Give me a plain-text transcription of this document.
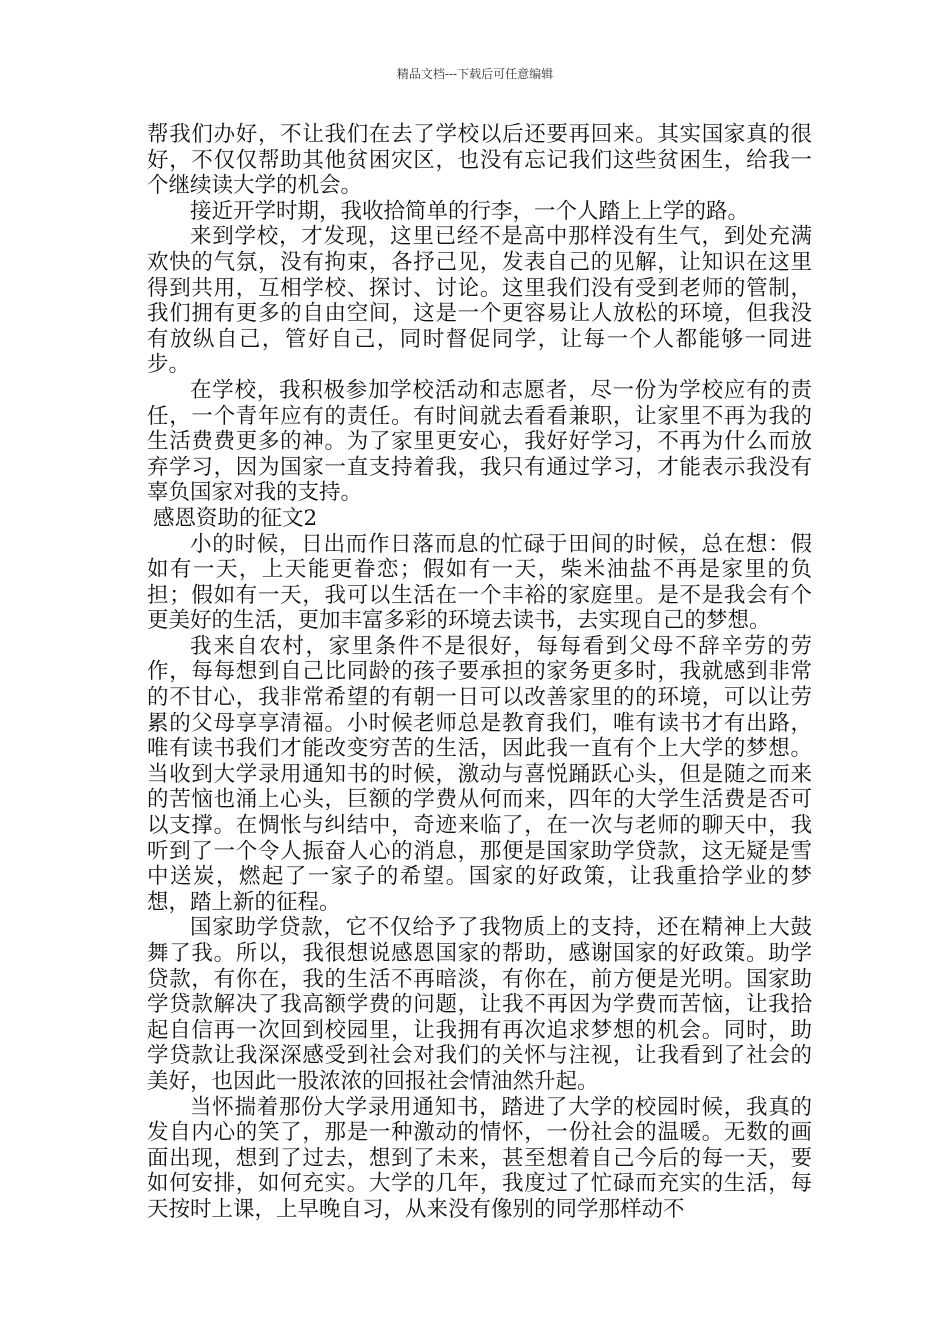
精品文档---下载后可任意编辑

帮我们办好，不让我们在去了学校以后还要再回来。其实国家真的很好，不仅仅帮助其他贫困灾区，也没有忘记我们这些贫困生，给我一个继续读大学的机会。

接近开学时期，我收拾简单的行李，一个人踏上上学的路。

来到学校，才发现，这里已经不是高中那样没有生气，到处充满欢快的气氛，没有拘束，各抒己见，发表自己的见解，让知识在这里得到共用，互相学校、探讨、讨论。这里我们没有受到老师的管制，我们拥有更多的自由空间，这是一个更容易让人放松的环境，但我没有放纵自己，管好自己，同时督促同学，让每一个人都能够一同进步。

在学校，我积极参加学校活动和志愿者，尽一份为学校应有的责任，一个青年应有的责任。有时间就去看看兼职，让家里不再为我的生活费费更多的神。为了家里更安心，我好好学习，不再为什么而放弃学习，因为国家一直支持着我，我只有通过学习，才能表示我没有辜负国家对我的支持。

感恩资助的征文2

小的时候，日出而作日落而息的忙碌于田间的时候，总在想：假如有一天，上天能更眷恋；假如有一天，柴米油盐不再是家里的负担；假如有一天，我可以生活在一个丰裕的家庭里。是不是我会有个更美好的生活，更加丰富多彩的环境去读书，去实现自己的梦想。

我来自农村，家里条件不是很好，每每看到父母不辞辛劳的劳作，每每想到自己比同龄的孩子要承担的家务更多时，我就感到非常的不甘心，我非常希望的有朝一日可以改善家里的的环境，可以让劳累的父母享享清福。小时候老师总是教育我们，唯有读书才有出路，唯有读书我们才能改变穷苦的生活，因此我一直有个上大学的梦想。当收到大学录用通知书的时候，激动与喜悦踊跃心头，但是随之而来的苦恼也涌上心头，巨额的学费从何而来，四年的大学生活费是否可以支撑。在惆怅与纠结中，奇迹来临了，在一次与老师的聊天中，我听到了一个令人振奋人心的消息，那便是国家助学贷款，这无疑是雪中送炭，燃起了一家子的希望。国家的好政策，让我重拾学业的梦想，踏上新的征程。

国家助学贷款，它不仅给予了我物质上的支持，还在精神上大鼓舞了我。所以，我很想说感恩国家的帮助，感谢国家的好政策。助学贷款，有你在，我的生活不再暗淡，有你在，前方便是光明。国家助学贷款解决了我高额学费的问题，让我不再因为学费而苦恼，让我拾起自信再一次回到校园里，让我拥有再次追求梦想的机会。同时，助学贷款让我深深感受到社会对我们的关怀与注视，让我看到了社会的美好，也因此一股浓浓的回报社会情油然升起。

当怀揣着那份大学录用通知书，踏进了大学的校园时候，我真的发自内心的笑了，那是一种激动的情怀，一份社会的温暖。无数的画面出现，想到了过去，想到了未来，甚至想着自己今后的每一天，要如何安排，如何充实。大学的几年，我度过了忙碌而充实的生活，每天按时上课，上早晚自习，从来没有像别的同学那样动不
